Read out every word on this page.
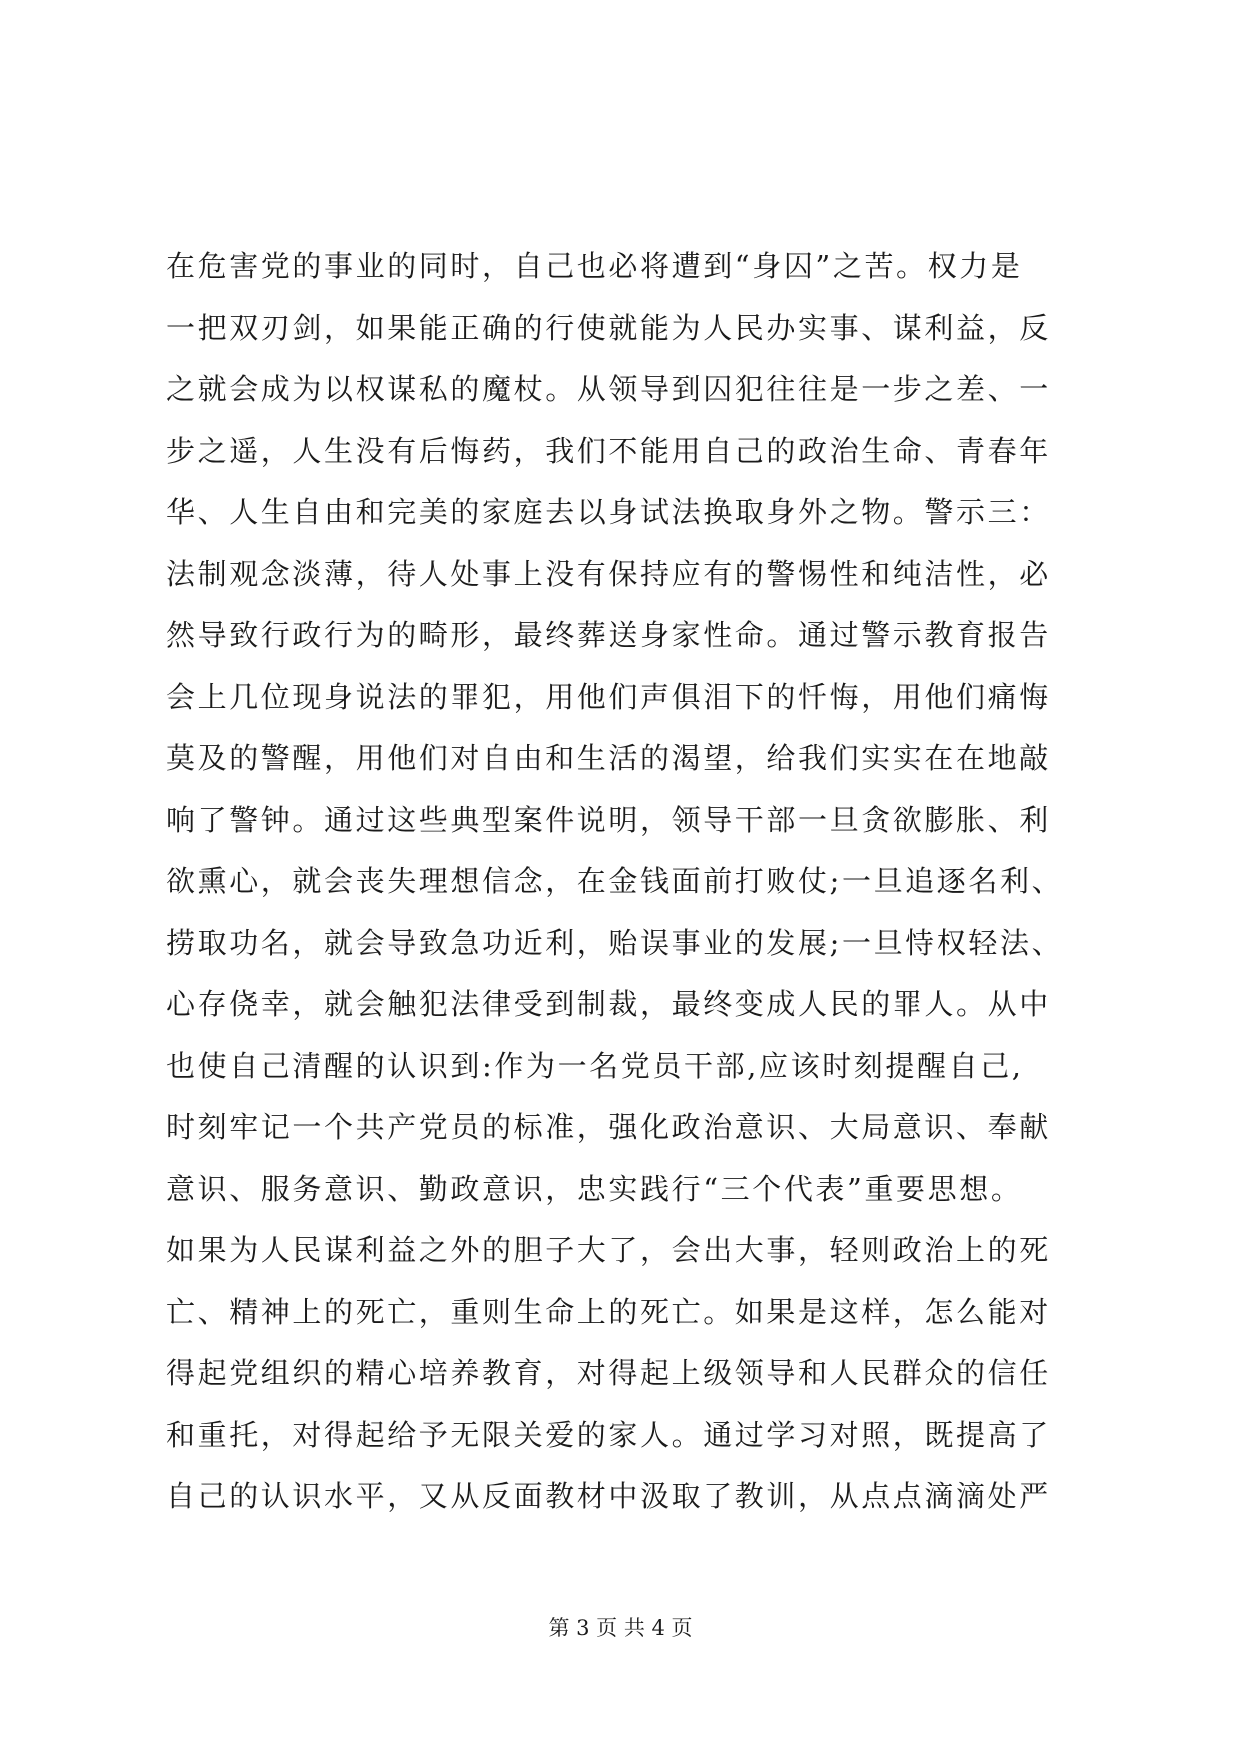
在危害党的事业的同时，自己也必将遭到“身囚”之苦。权力是
一把双刃剑，如果能正确的行使就能为人民办实事、谋利益，反
之就会成为以权谋私的魔杖。从领导到囚犯往往是一步之差、一
步之遥，人生没有后悔药，我们不能用自己的政治生命、青春年
华、人生自由和完美的家庭去以身试法换取身外之物。警示三：
法制观念淡薄，待人处事上没有保持应有的警惕性和纯洁性，必
然导致行政行为的畸形，最终葬送身家性命。通过警示教育报告
会上几位现身说法的罪犯，用他们声俱泪下的忏悔，用他们痛悔
莫及的警醒，用他们对自由和生活的渴望，给我们实实在在地敲
响了警钟。通过这些典型案件说明，领导干部一旦贪欲膨胀、利
欲熏心，就会丧失理想信念，在金钱面前打败仗;一旦追逐名利、
捞取功名，就会导致急功近利，贻误事业的发展;一旦恃权轻法、
心存侥幸，就会触犯法律受到制裁，最终变成人民的罪人。从中
也使自己清醒的认识到:作为一名党员干部,应该时刻提醒自己,
时刻牢记一个共产党员的标准，强化政治意识、大局意识、奉献
意识、服务意识、勤政意识，忠实践行“三个代表”重要思想。
如果为人民谋利益之外的胆子大了，会出大事，轻则政治上的死
亡、精神上的死亡，重则生命上的死亡。如果是这样，怎么能对
得起党组织的精心培养教育，对得起上级领导和人民群众的信任
和重托，对得起给予无限关爱的家人。通过学习对照，既提高了
自己的认识水平，又从反面教材中汲取了教训，从点点滴滴处严
第 3 页 共 4 页
